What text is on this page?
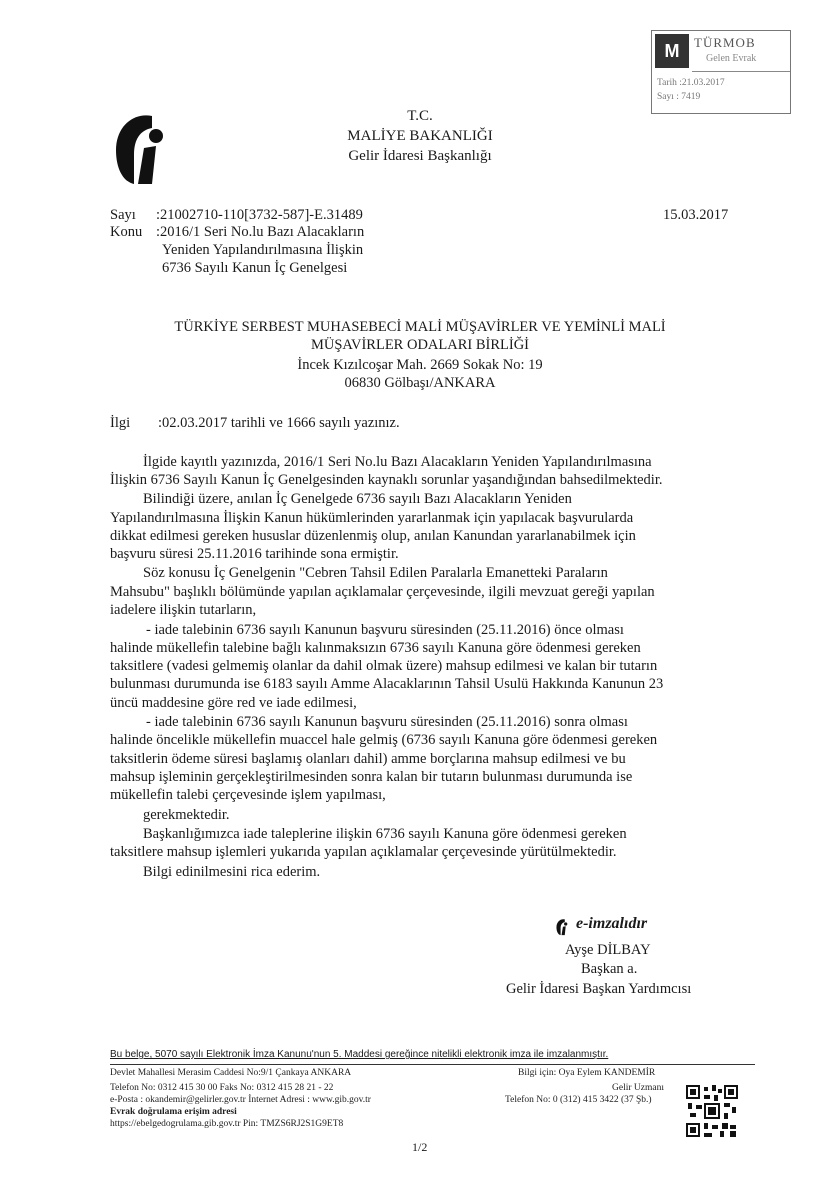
M	TÜRMOB
Gelen Evrak
Tarih :21.03.2017
Sayı : 7419
T.C.
MALİYE BAKANLIĞI
Gelir İdaresi Başkanlığı
Sayı :21002710-110[3732-587]-E.31489	15.03.2017
Konu :2016/1 Seri No.lu Bazı Alacakların
Yeniden Yapılandırılmasına İlişkin
6736 Sayılı Kanun İç Genelgesi
TÜRKİYE SERBEST MUHASEBECİ MALİ MÜŞAVİRLER VE YEMİNLİ MALİ
MÜŞAVİRLER ODALARI BİRLİĞİ
İncek Kızılcoşar Mah. 2669 Sokak No: 19
06830 Gölbaşı/ANKARA
İlgi :02.03.2017 tarihli ve 1666 sayılı yazınız.
İlgide kayıtlı yazınızda, 2016/1 Seri No.lu Bazı Alacakların Yeniden Yapılandırılmasına
İlişkin 6736 Sayılı Kanun İç Genelgesinden kaynaklı sorunlar yaşandığından bahsedilmektedir.
Bilindiği üzere, anılan İç Genelgede 6736 sayılı Bazı Alacakların Yeniden
Yapılandırılmasına İlişkin Kanun hükümlerinden yararlanmak için yapılacak başvurularda
dikkat edilmesi gereken hususlar düzenlenmiş olup, anılan Kanundan yararlanabilmek için
başvuru süresi 25.11.2016 tarihinde sona ermiştir.
Söz konusu İç Genelgenin "Cebren Tahsil Edilen Paralarla Emanetteki Paraların
Mahsubu" başlıklı bölümünde yapılan açıklamalar çerçevesinde, ilgili mevzuat gereği yapılan
iadelere ilişkin tutarların,
- iade talebinin 6736 sayılı Kanunun başvuru süresinden (25.11.2016) önce olması
halinde mükellefin talebine bağlı kalınmaksızın 6736 sayılı Kanuna göre ödenmesi gereken
taksitlere (vadesi gelmemiş olanlar da dahil olmak üzere) mahsup edilmesi ve kalan bir tutarın
bulunması durumunda ise 6183 sayılı Amme Alacaklarının Tahsil Usulü Hakkında Kanunun 23
üncü maddesine göre red ve iade edilmesi,
- iade talebinin 6736 sayılı Kanunun başvuru süresinden (25.11.2016) sonra olması
halinde öncelikle mükellefin muaccel hale gelmiş (6736 sayılı Kanuna göre ödenmesi gereken
taksitlerin ödeme süresi başlamış olanları dahil) amme borçlarına mahsup edilmesi ve bu
mahsup işleminin gerçekleştirilmesinden sonra kalan bir tutarın bulunması durumunda ise
mükellefin talebi çerçevesinde işlem yapılması,
gerekmektedir.
Başkanlığımızca iade taleplerine ilişkin 6736 sayılı Kanuna göre ödenmesi gereken
taksitlere mahsup işlemleri yukarıda yapılan açıklamalar çerçevesinde yürütülmektedir.
Bilgi edinilmesini rica ederim.
e-imzalıdır
Ayşe DİLBAY
Başkan a.
Gelir İdaresi Başkan Yardımcısı
Bu belge, 5070 sayılı Elektronik İmza Kanunu'nun 5. Maddesi gereğince nitelikli elektronik imza ile imzalanmıştır.
Devlet Mahallesi Merasim Caddesi No:9/1 Çankaya ANKARA
Telefon No: 0312 415 30 00 Faks No: 0312 415 28 21 - 22
e-Posta : okandemir@gelirler.gov.tr İnternet Adresi : www.gib.gov.tr
Evrak doğrulama erişim adresi
https://ebelgedogrulama.gib.gov.tr Pin: TMZS6RJ2S1G9ET8
Bilgi için: Oya Eylem KANDEMİR
Gelir Uzmanı
Telefon No: 0 (312) 415 3422 (37 Şb.)
1/2
